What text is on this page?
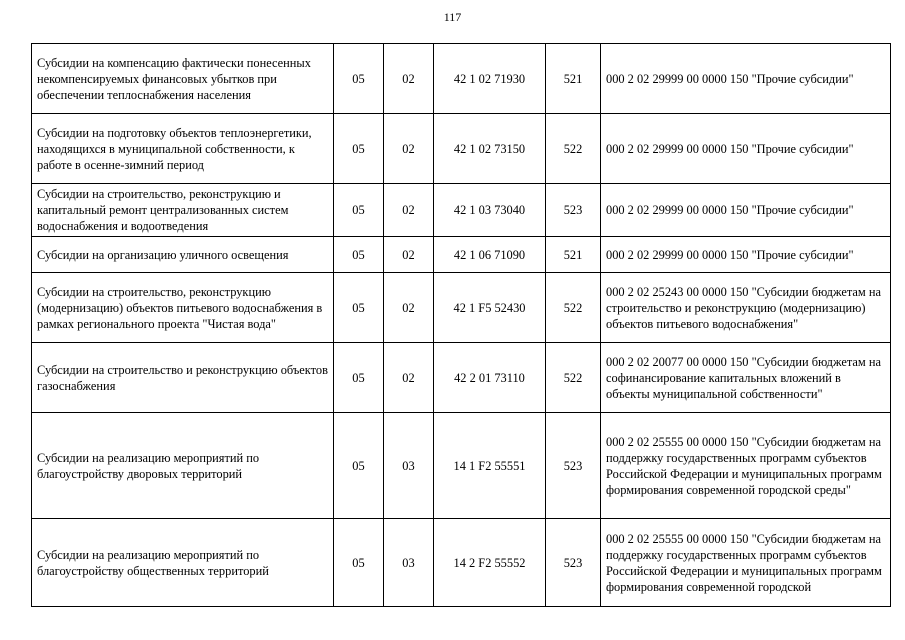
117
Субсидии на компенсацию фактически понесенных некомпенсируемых финансовых убытков при обеспечении теплоснабжения населения	05	02	42 1 02 71930	521	000 2 02 29999 00 0000 150 "Прочие субсидии"
Субсидии на подготовку объектов теплоэнергетики, находящихся в муниципальной собственности, к работе в осенне-зимний период	05	02	42 1 02 73150	522	000 2 02 29999 00 0000 150 "Прочие субсидии"
Субсидии на строительство, реконструкцию и капитальный ремонт централизованных систем водоснабжения и водоотведения	05	02	42 1 03 73040	523	000 2 02 29999 00 0000 150 "Прочие субсидии"
Субсидии на организацию уличного освещения	05	02	42 1 06 71090	521	000 2 02 29999 00 0000 150 "Прочие субсидии"
Субсидии на строительство, реконструкцию (модернизацию) объектов питьевого водоснабжения в рамках регионального проекта "Чистая вода"	05	02	42 1 F5 52430	522	000 2 02 25243 00 0000 150 "Субсидии бюджетам на строительство и реконструкцию (модернизацию) объектов питьевого водоснабжения"
Субсидии на строительство и реконструкцию объектов газоснабжения	05	02	42 2 01 73110	522	000 2 02 20077 00 0000 150 "Субсидии бюджетам на софинансирование капитальных вложений в объекты муниципальной собственности"
Субсидии на реализацию мероприятий по благоустройству дворовых территорий	05	03	14 1 F2 55551	523	000 2 02 25555 00 0000 150 "Субсидии бюджетам на поддержку государственных программ субъектов Российской Федерации и муниципальных программ формирования современной городской среды"
Субсидии на реализацию мероприятий по благоустройству общественных территорий	05	03	14 2 F2 55552	523	000 2 02 25555 00 0000 150 "Субсидии бюджетам на поддержку государственных программ субъектов Российской Федерации и муниципальных программ формирования современной городской
